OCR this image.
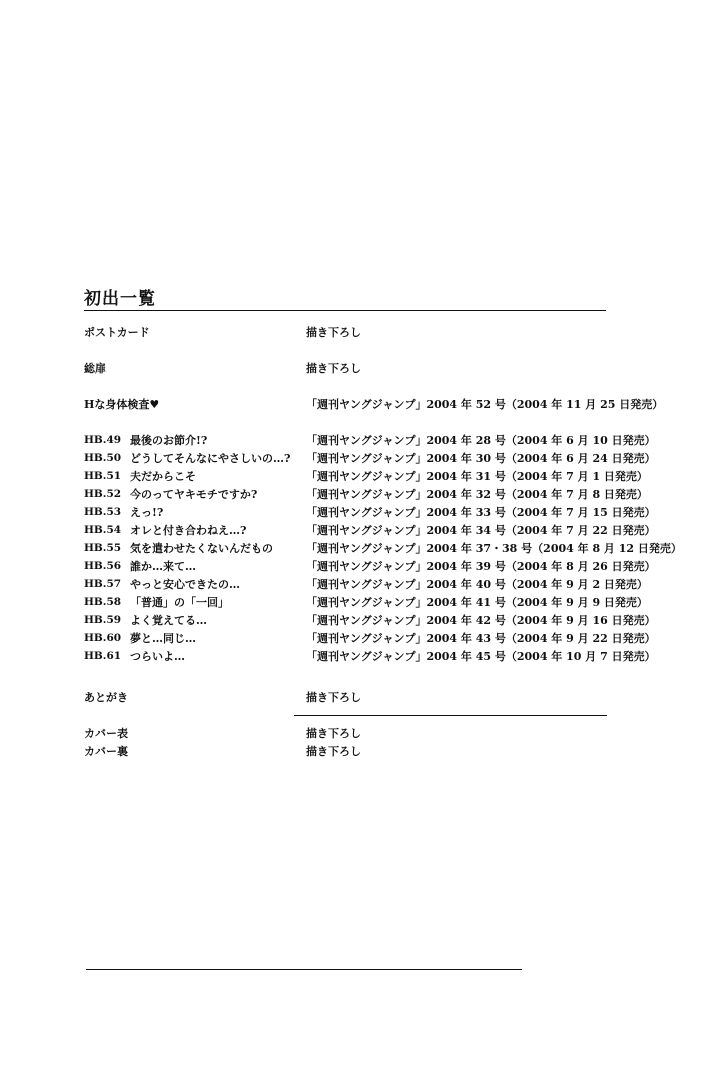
初出一覧
ポストカード	描き下ろし
総扉	描き下ろし
Hな身体検査♥	「週刊ヤングジャンプ」2004 年 52 号（2004 年 11 月 25 日発売）
HB.49 最後のお節介!?	「週刊ヤングジャンプ」2004 年 28 号（2004 年 6 月 10 日発売）
HB.50 どうしてそんなにやさしいの…? 「週刊ヤングジャンプ」2004 年 30 号（2004 年 6 月 24 日発売）
HB.51 夫だからこそ	「週刊ヤングジャンプ」2004 年 31 号（2004 年 7 月 1 日発売）
HB.52 今のってヤキモチですか?	「週刊ヤングジャンプ」2004 年 32 号（2004 年 7 月 8 日発売）
HB.53 えっ!?	「週刊ヤングジャンプ」2004 年 33 号（2004 年 7 月 15 日発売）
HB.54 オレと付き合わねえ…?	「週刊ヤングジャンプ」2004 年 34 号（2004 年 7 月 22 日発売）
HB.55 気を遣わせたくないんだもの	「週刊ヤングジャンプ」2004 年 37・38 号（2004 年 8 月 12 日発売）
HB.56 誰か…来て…	「週刊ヤングジャンプ」2004 年 39 号（2004 年 8 月 26 日発売）
HB.57 やっと安心できたの…	「週刊ヤングジャンプ」2004 年 40 号（2004 年 9 月 2 日発売）
HB.58 「普通」の「一回」	「週刊ヤングジャンプ」2004 年 41 号（2004 年 9 月 9 日発売）
HB.59 よく覚えてる…	「週刊ヤングジャンプ」2004 年 42 号（2004 年 9 月 16 日発売）
HB.60 夢と…同じ…	「週刊ヤングジャンプ」2004 年 43 号（2004 年 9 月 22 日発売）
HB.61 つらいよ…	「週刊ヤングジャンプ」2004 年 45 号（2004 年 10 月 7 日発売）
あとがき	描き下ろし
カバー表	描き下ろし
カバー裏	描き下ろし
